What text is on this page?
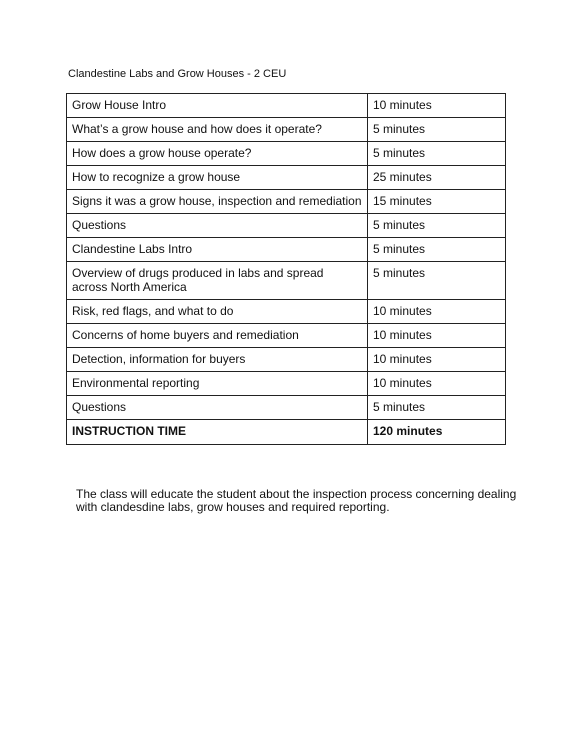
Clandestine Labs and Grow Houses - 2 CEU
Grow House Intro	10 minutes
What’s a grow house and how does it operate?	5 minutes
How does a grow house operate?	5 minutes
How to recognize a grow house	25 minutes
Signs it was a grow house, inspection and remediation	15 minutes
Questions	5 minutes
Clandestine Labs Intro	5 minutes
Overview of drugs produced in labs and spread across North America	5 minutes
Risk, red flags, and what to do	10 minutes
Concerns of home buyers and remediation	10 minutes
Detection, information for buyers	10 minutes
Environmental reporting	10 minutes
Questions	5 minutes
INSTRUCTION TIME	120 minutes

The class will educate the student about the inspection process concerning dealing with clandesdine labs, grow houses and required reporting.
